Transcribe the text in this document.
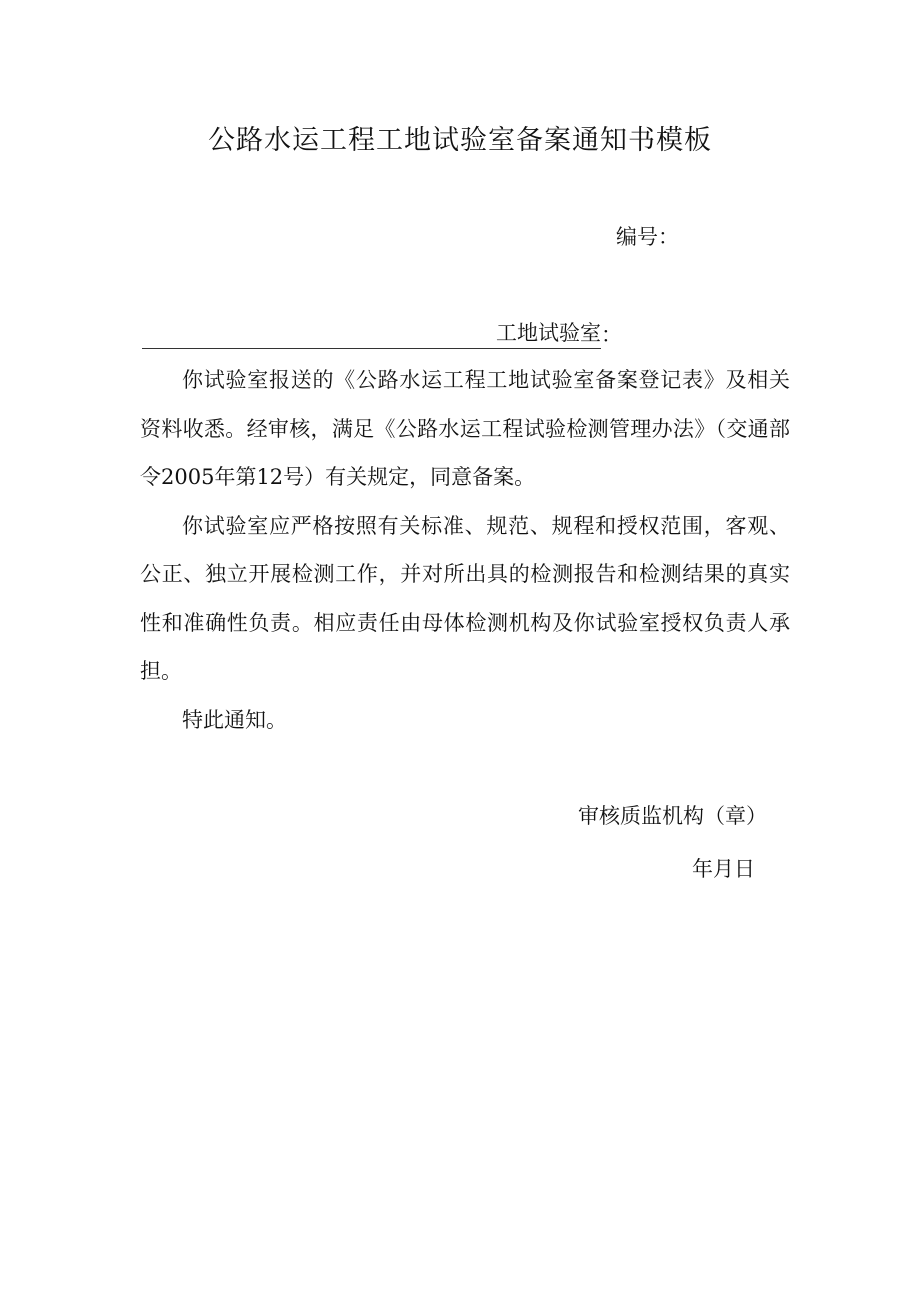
公路水运工程工地试验室备案通知书模板
编号：
工地试验室 ：

你试验室报送的《公路水运工程工地试验室备案登记表》及相关资料收悉。经审核，满足《公路水运工程试验检测管理办法》（交通部令2005年第12号）有关规定，同意备案。

你试验室应严格按照有关标准、规范、规程和授权范围，客观、公正、独立开展检测工作，并对所出具的检测报告和检测结果的真实性和准确性负责。相应责任由母体检测机构及你试验室授权负责人承担。

特此通知。

审核质监机构（章）
年月日
